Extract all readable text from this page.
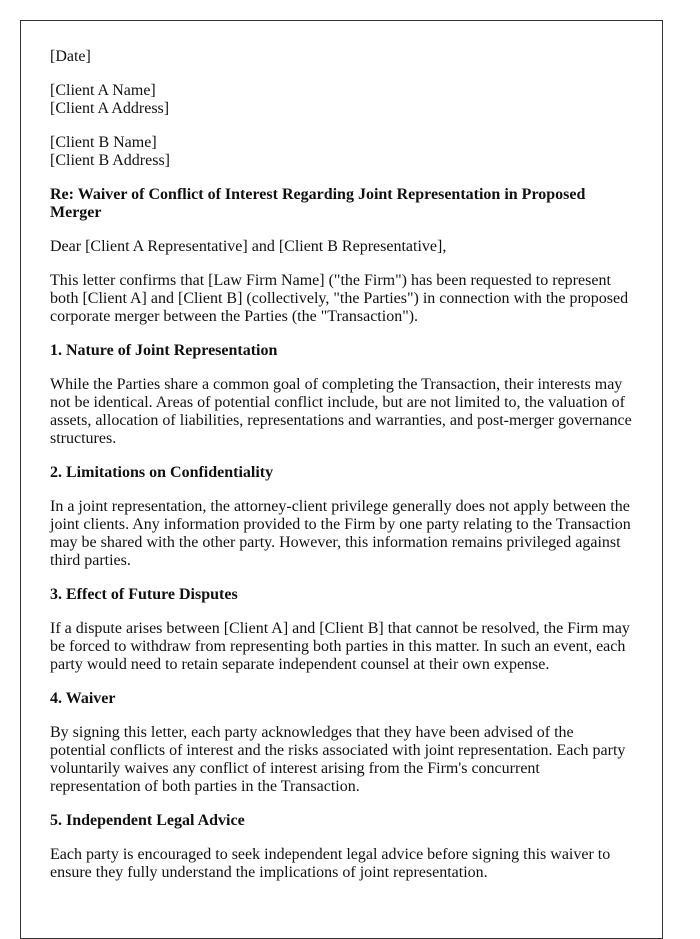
[Date]

[Client A Name]

[Client A Address]

[Client B Name]

[Client B Address]

Re: Waiver of Conflict of Interest Regarding Joint Representation in Proposed Merger

Dear [Client A Representative] and [Client B Representative],

This letter confirms that [Law Firm Name] ("the Firm") has been requested to represent both [Client A] and [Client B] (collectively, "the Parties") in connection with the proposed corporate merger between the Parties (the "Transaction").

1. Nature of Joint Representation

While the Parties share a common goal of completing the Transaction, their interests may not be identical. Areas of potential conflict include, but are not limited to, the valuation of assets, allocation of liabilities, representations and warranties, and post-merger governance structures.

2. Limitations on Confidentiality

In a joint representation, the attorney-client privilege generally does not apply between the joint clients. Any information provided to the Firm by one party relating to the Transaction may be shared with the other party. However, this information remains privileged against third parties.

3. Effect of Future Disputes

If a dispute arises between [Client A] and [Client B] that cannot be resolved, the Firm may be forced to withdraw from representing both parties in this matter. In such an event, each party would need to retain separate independent counsel at their own expense.

4. Waiver

By signing this letter, each party acknowledges that they have been advised of the potential conflicts of interest and the risks associated with joint representation. Each party voluntarily waives any conflict of interest arising from the Firm's concurrent representation of both parties in the Transaction.

5. Independent Legal Advice

Each party is encouraged to seek independent legal advice before signing this waiver to ensure they fully understand the implications of joint representation.
